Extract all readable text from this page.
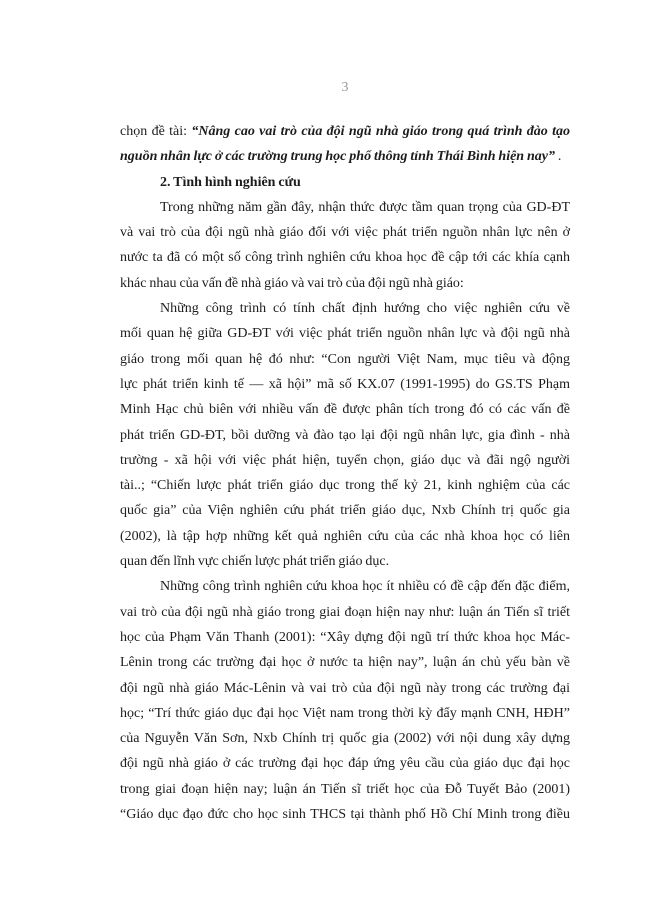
3
chọn đề tài: “Nâng cao vai trò của đội ngũ nhà giáo trong quá trình đào tạo
nguồn nhân lực ở các trường trung học phổ thông tỉnh Thái Bình hiện nay” .
2. Tình hình nghiên cứu
Trong những năm gần đây, nhận thức được tầm quan trọng của GD-ĐT
và vai trò của đội ngũ nhà giáo đối với việc phát triển nguồn nhân lực nên ở
nước ta đã có một số công trình nghiên cứu khoa học đề cập tới các khía cạnh
khác nhau của vấn đề nhà giáo và vai trò của đội ngũ nhà giáo:
Những công trình có tính chất định hướng cho việc nghiên cứu về
mối quan hệ giữa GD-ĐT với việc phát triển nguồn nhân lực và đội ngũ nhà
giáo trong mối quan hệ đó như: “Con người Việt Nam, mục tiêu và động
lực phát triển kinh tế — xã hội” mã số KX.07 (1991-1995) do GS.TS Phạm
Minh Hạc chủ biên với nhiều vấn đề được phân tích trong đó có các vấn đề
phát triển GD-ĐT, bồi dưỡng và đào tạo lại đội ngũ nhân lực, gia đình - nhà
trường - xã hội với việc phát hiện, tuyển chọn, giáo dục và đãi ngộ người
tài..; “Chiến lược phát triển giáo dục trong thế kỷ 21, kinh nghiệm của các
quốc gia” của Viện nghiên cứu phát triển giáo dục, Nxb Chính trị quốc gia
(2002), là tập hợp những kết quả nghiên cứu của các nhà khoa học có liên
quan đến lĩnh vực chiến lược phát triển giáo dục.
Những công trình nghiên cứu khoa học ít nhiều có đề cập đến đặc điểm,
vai trò của đội ngũ nhà giáo trong giai đoạn hiện nay như: luận án Tiến sĩ triết
học của Phạm Văn Thanh (2001): “Xây dựng đội ngũ trí thức khoa học Mác-
Lênin trong các trường đại học ở nước ta hiện nay”, luận án chủ yếu bàn về
đội ngũ nhà giáo Mác-Lênin và vai trò của đội ngũ này trong các trường đại
học; “Trí thức giáo dục đại học Việt nam trong thời kỳ đẩy mạnh CNH, HĐH”
của Nguyễn Văn Sơn, Nxb Chính trị quốc gia (2002) với nội dung xây dựng
đội ngũ nhà giáo ở các trường đại học đáp ứng yêu cầu của giáo dục đại học
trong giai đoạn hiện nay; luận án Tiến sĩ triết học của Đỗ Tuyết Bảo (2001)
“Giáo dục đạo đức cho học sinh THCS tại thành phố Hồ Chí Minh trong điều
